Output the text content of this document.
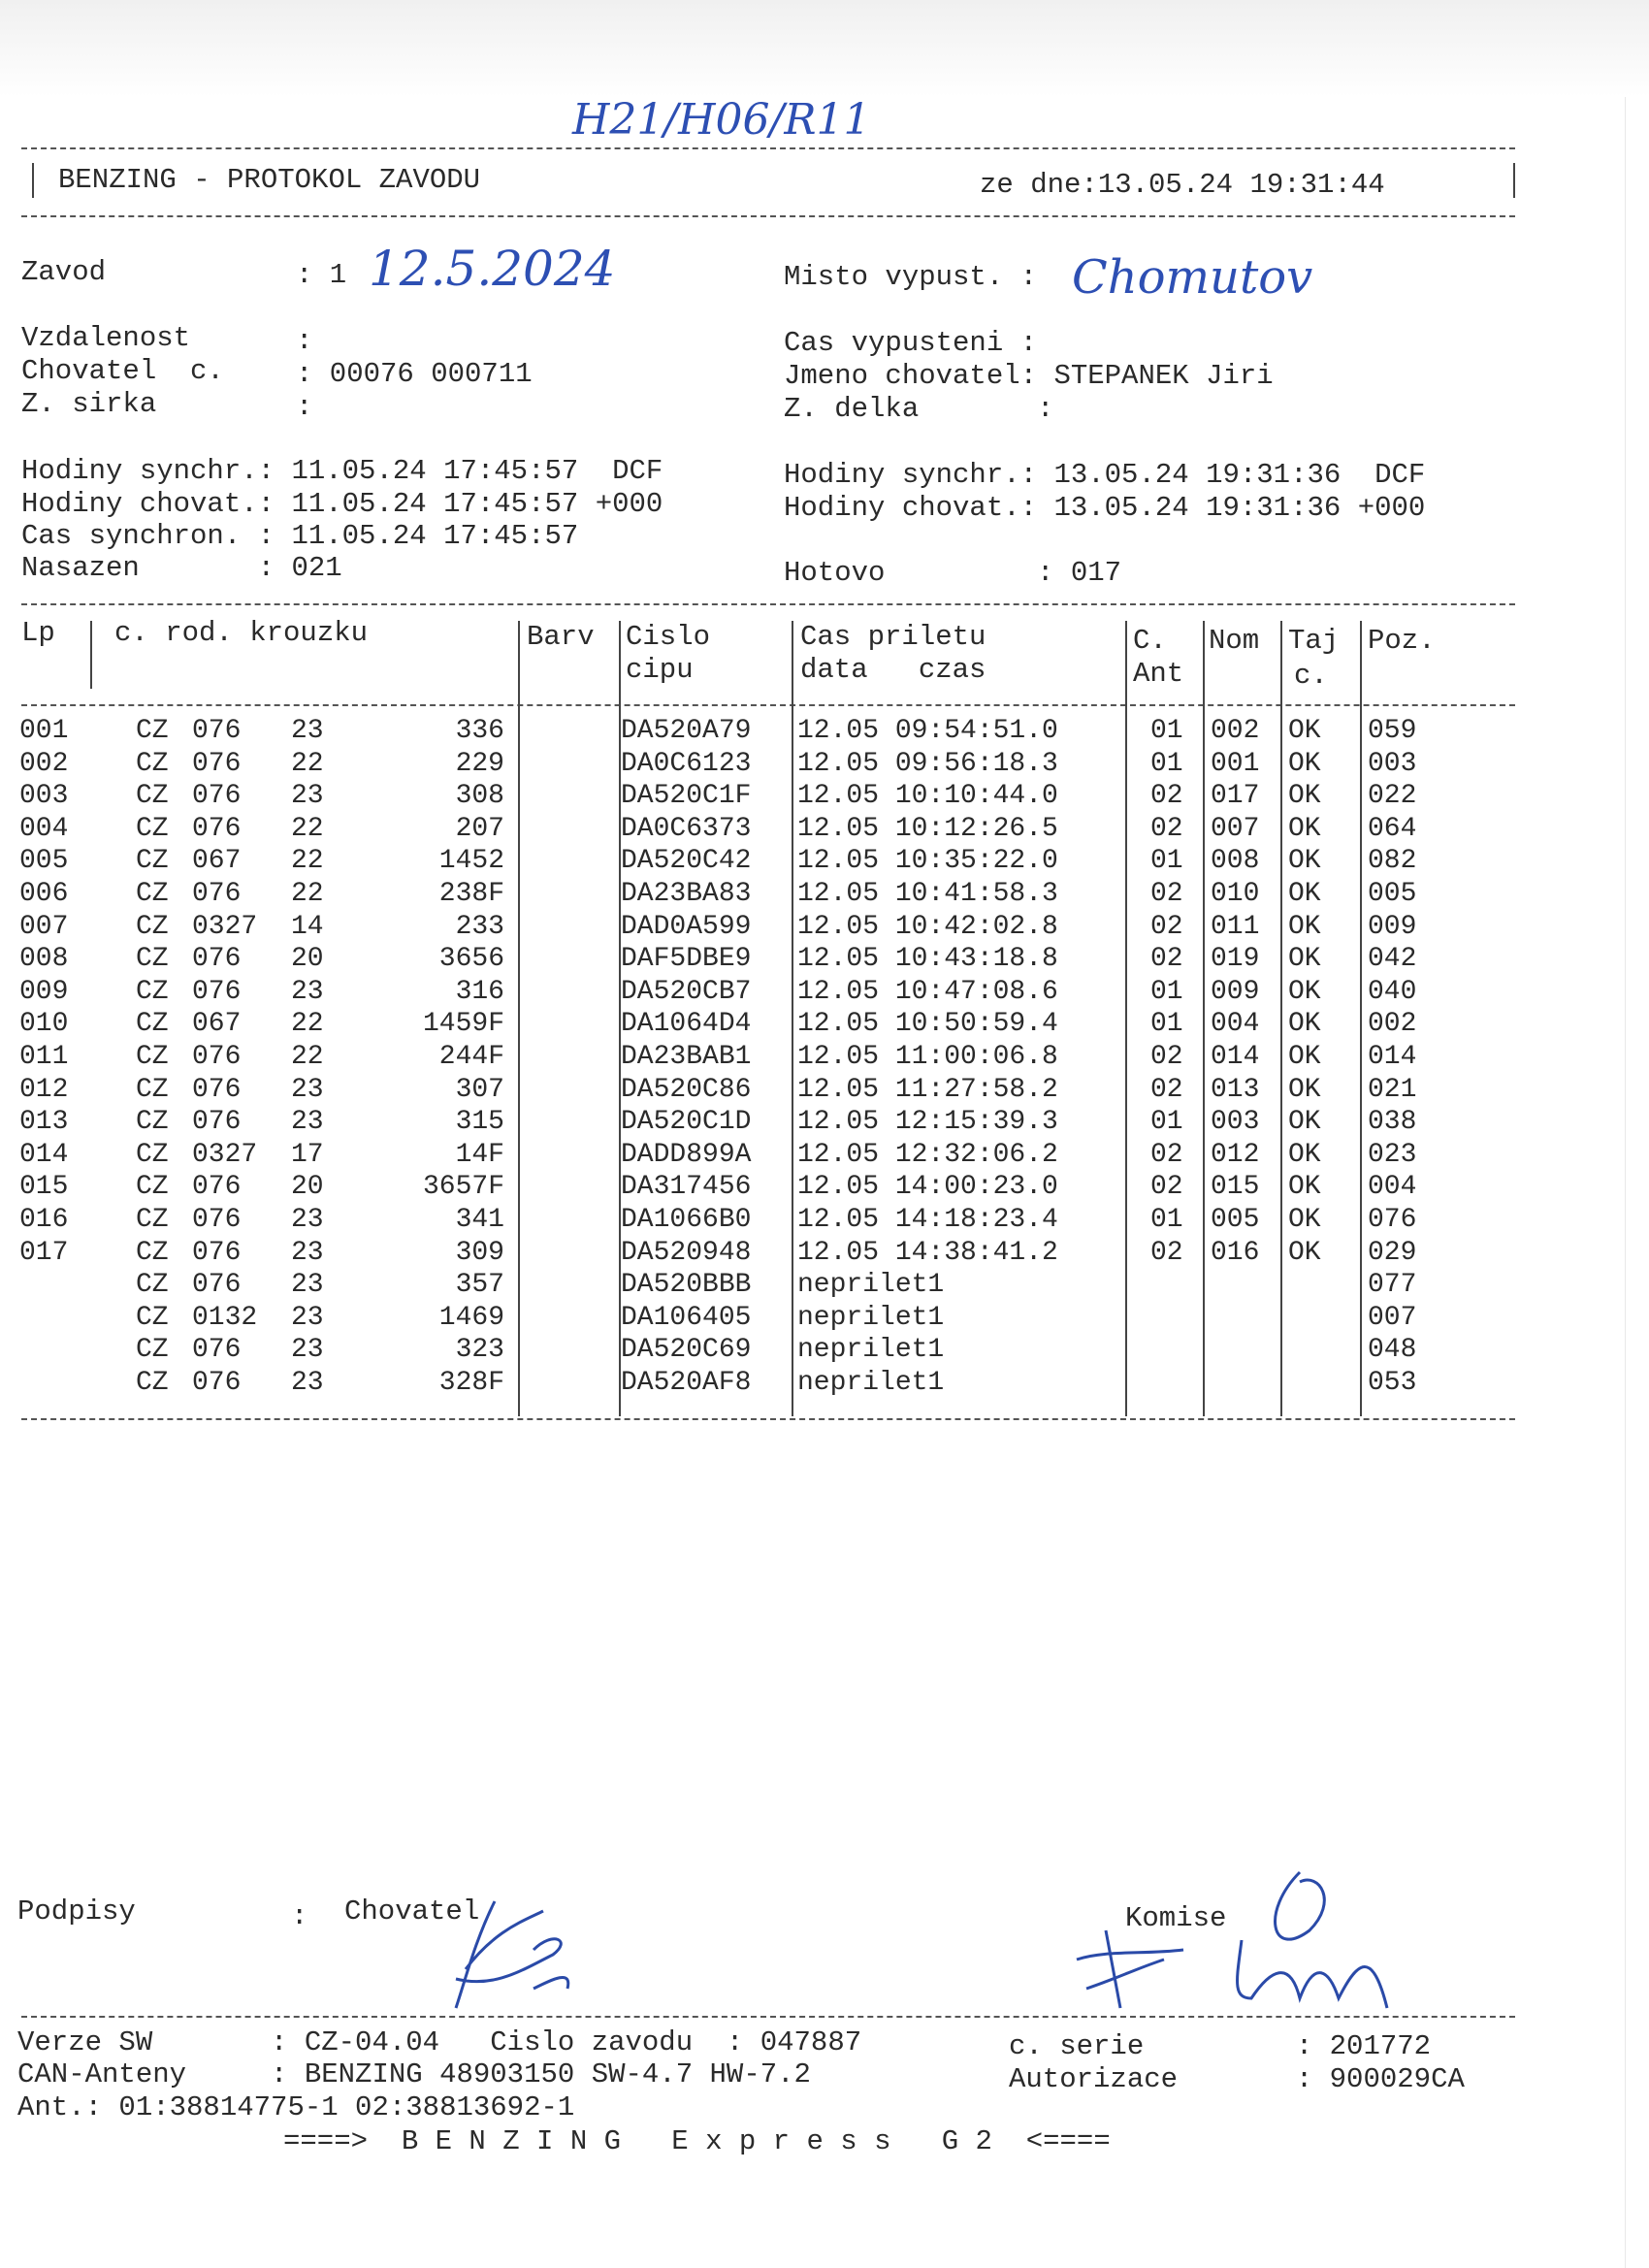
H21/H06/R11
BENZING - PROTOKOL ZAVODU	ze dne:13.05.24 19:31:44
Zavod	: 1 12.5.2024	Misto vypust. : Chomutov
Vzdalenost	:
Chovatel  c.	: 00076 000711
Z. sirka	:
Cas vypusteni :
Jmeno chovatel: STEPANEK Jiri
Z. delka       :
Hodiny synchr.: 11.05.24 17:45:57  DCF
Hodiny chovat.: 11.05.24 17:45:57 +000
Cas synchron. : 11.05.24 17:45:57
Nasazen       : 021
Hodiny synchr.: 13.05.24 19:31:36  DCF
Hodiny chovat.: 13.05.24 19:31:36 +000
Hotovo         : 017
Lp c. rod. krouzku	Barv Cislo
cipu
Cas priletu
data   czas
C.
Ant
Nom Taj
c.
Poz.
001	CZ 076	23	336	DA520A79	12.05 09:54:51.0	01 002	OK	059
002	CZ 076	22	229	DA0C6123	12.05 09:56:18.3	01 001	OK	003
003	CZ 076	23	308	DA520C1F	12.05 10:10:44.0	02 017	OK	022
004	CZ 076	22	207	DA0C6373	12.05 10:12:26.5	02 007	OK	064
005	CZ 067	22	1452	DA520C42	12.05 10:35:22.0	01 008	OK	082
006	CZ 076	22	238F	DA23BA83	12.05 10:41:58.3	02 010	OK	005
007	CZ 0327	14	233	DAD0A599	12.05 10:42:02.8	02 011	OK	009
008	CZ 076	20	3656	DAF5DBE9	12.05 10:43:18.8	02 019	OK	042
009	CZ 076	23	316	DA520CB7	12.05 10:47:08.6	01 009	OK	040
010	CZ 067	22	1459F	DA1064D4	12.05 10:50:59.4	01 004	OK	002
011	CZ 076	22	244F	DA23BAB1	12.05 11:00:06.8	02 014	OK	014
012	CZ 076	23	307	DA520C86	12.05 11:27:58.2	02 013	OK	021
013	CZ 076	23	315	DA520C1D	12.05 12:15:39.3	01 003	OK	038
014	CZ 0327	17	14F	DADD899A	12.05 12:32:06.2	02 012	OK	023
015	CZ 076	20	3657F	DA317456	12.05 14:00:23.0	02 015	OK	004
016	CZ 076	23	341	DA1066B0	12.05 14:18:23.4	01 005	OK	076
017	CZ 076	23	309	DA520948	12.05 14:38:41.2	02 016	OK	029
CZ 076	23	357	DA520BBB	neprilet1	077
CZ 0132	23	1469	DA106405	neprilet1	007
CZ 076	23	323	DA520C69	neprilet1	048
CZ 076	23	328F	DA520AF8	neprilet1	053
Podpisy	: Chovatel	Komise
Verze SW       : CZ-04.04   Cislo zavodu  : 047887	c. serie         : 201772
CAN-Anteny     : BENZING 48903150 SW-4.7 HW-7.2	Autorizace       : 900029CA
Ant.: 01:38814775-1 02:38813692-1
====>  B E N Z I N G   E x p r e s s   G 2  <====
